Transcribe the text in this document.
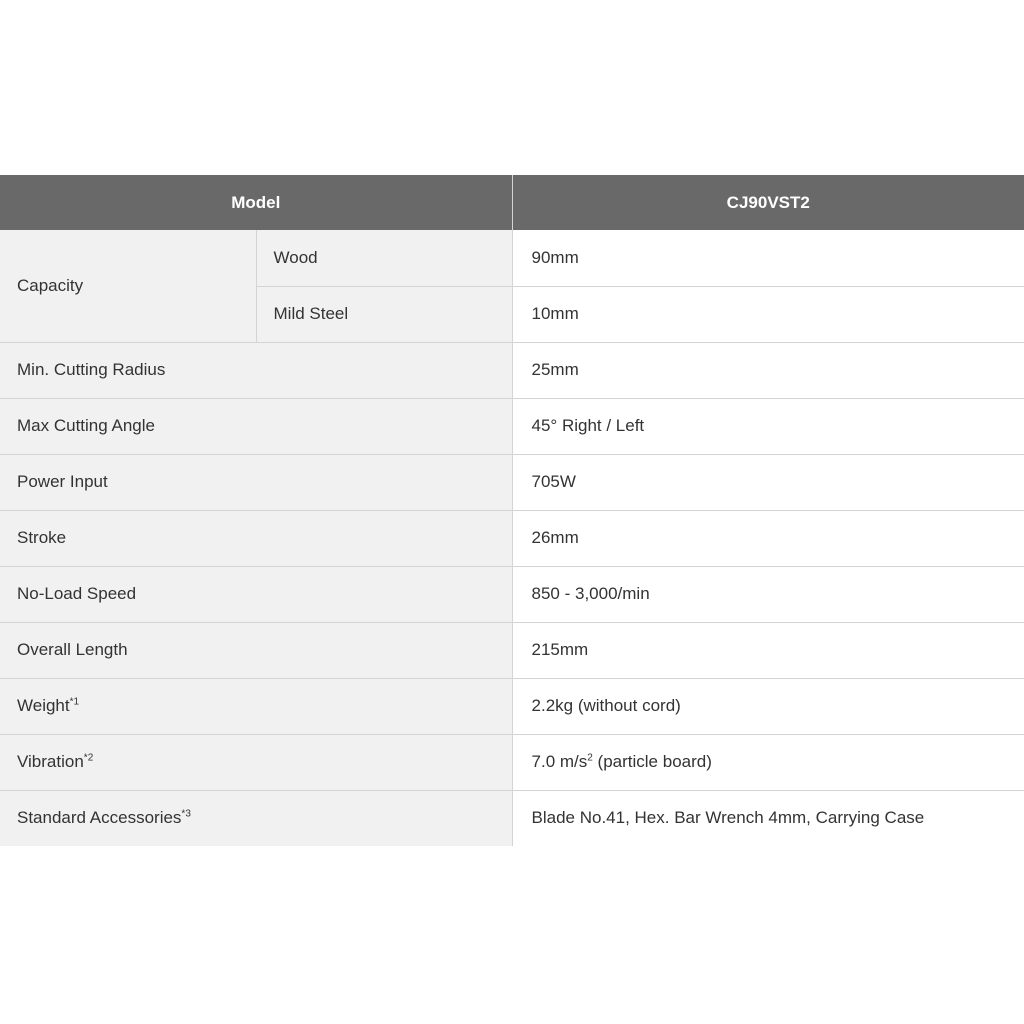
Model		CJ90VST2
Capacity	Wood	90mm
	Mild Steel	10mm
Min. Cutting Radius		25mm
Max Cutting Angle		45° Right / Left
Power Input		705W
Stroke		26mm
No-Load Speed		850 - 3,000/min
Overall Length		215mm
Weight$^{*1}$		2.2kg (without cord)
Vibration$^{*2}$		7.0 $m/s^2$ (particle board)
Standard Accessories$^{*3}$		Blade No.41, Hex. Bar Wrench 4mm, Carrying Case
